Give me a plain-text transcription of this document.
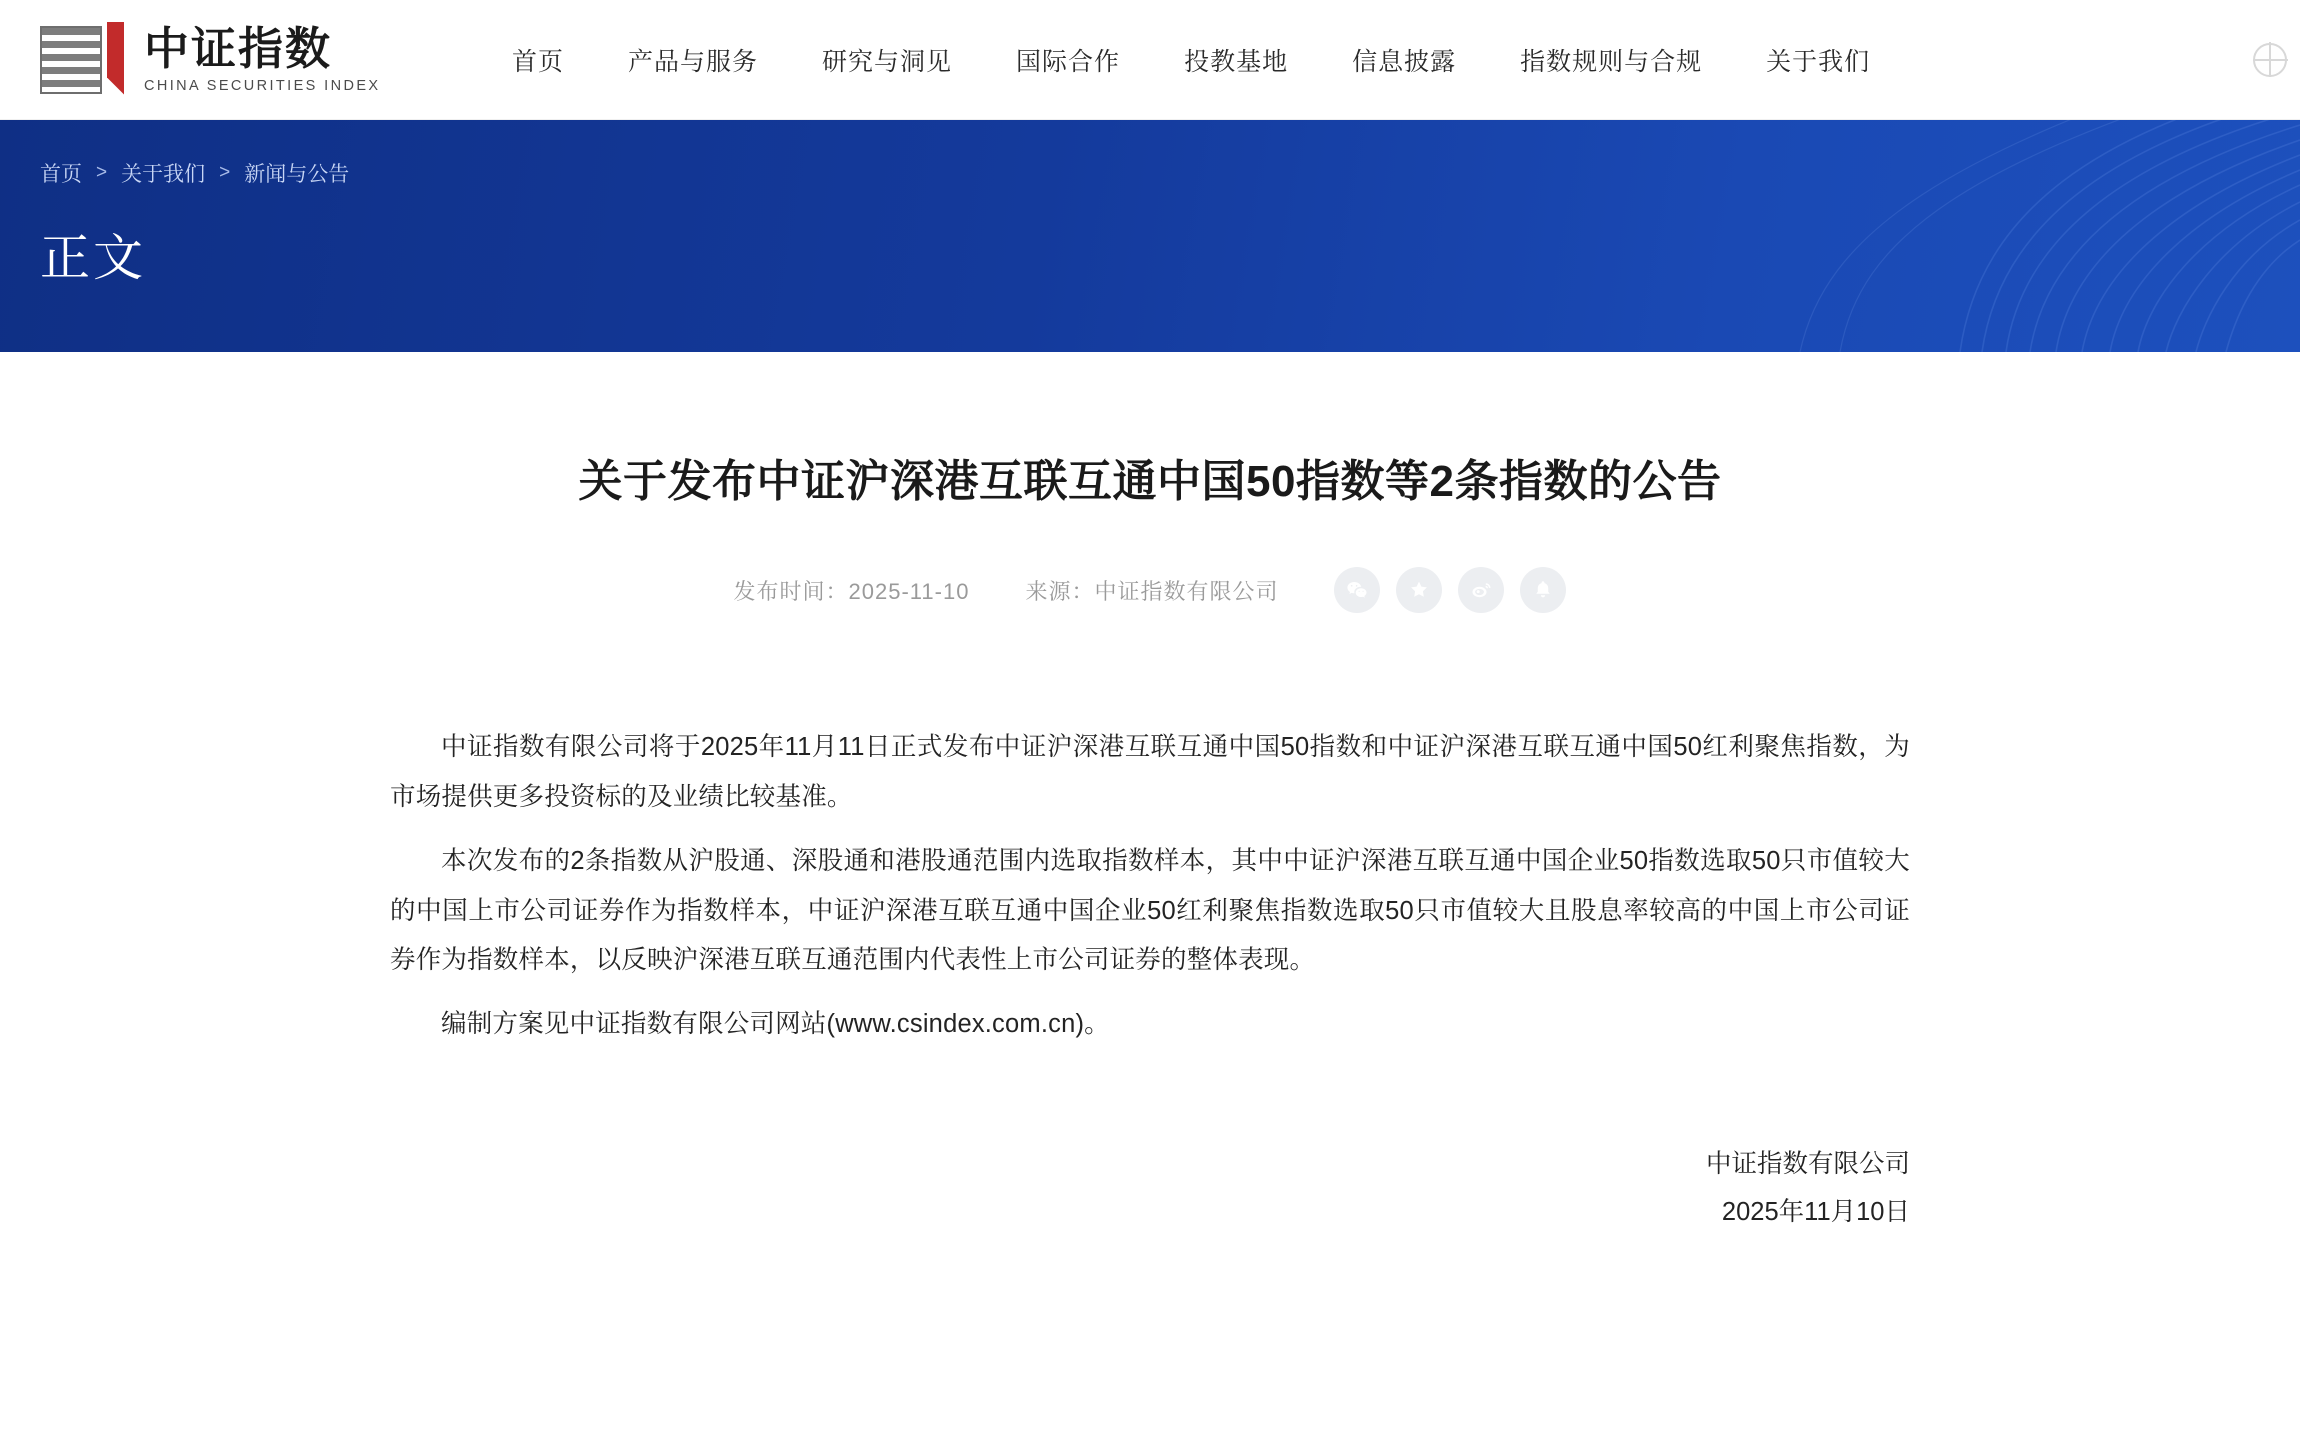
中证指数
CHINA SECURITIES INDEX
首页	产品与服务	研究与洞见	国际合作	投教基地	信息披露	指数规则与合规	关于我们
首页 > 关于我们 > 新闻与公告
正文
关于发布中证沪深港互联互通中国50指数等2条指数的公告
发布时间：2025-11-10	来源：中证指数有限公司

中证指数有限公司将于2025年11月11日正式发布中证沪深港互联互通中国50指数和中证沪深港互联互通中国50红利聚焦指数，为市场提供更多投资标的及业绩比较基准。

本次发布的2条指数从沪股通、深股通和港股通范围内选取指数样本，其中中证沪深港互联互通中国企业50指数选取50只市值较大的中国上市公司证券作为指数样本，中证沪深港互联互通中国企业50红利聚焦指数选取50只市值较大且股息率较高的中国上市公司证券作为指数样本，以反映沪深港互联互通范围内代表性上市公司证券的整体表现。

编制方案见中证指数有限公司网站(www.csindex.com.cn)。

中证指数有限公司
2025年11月10日
